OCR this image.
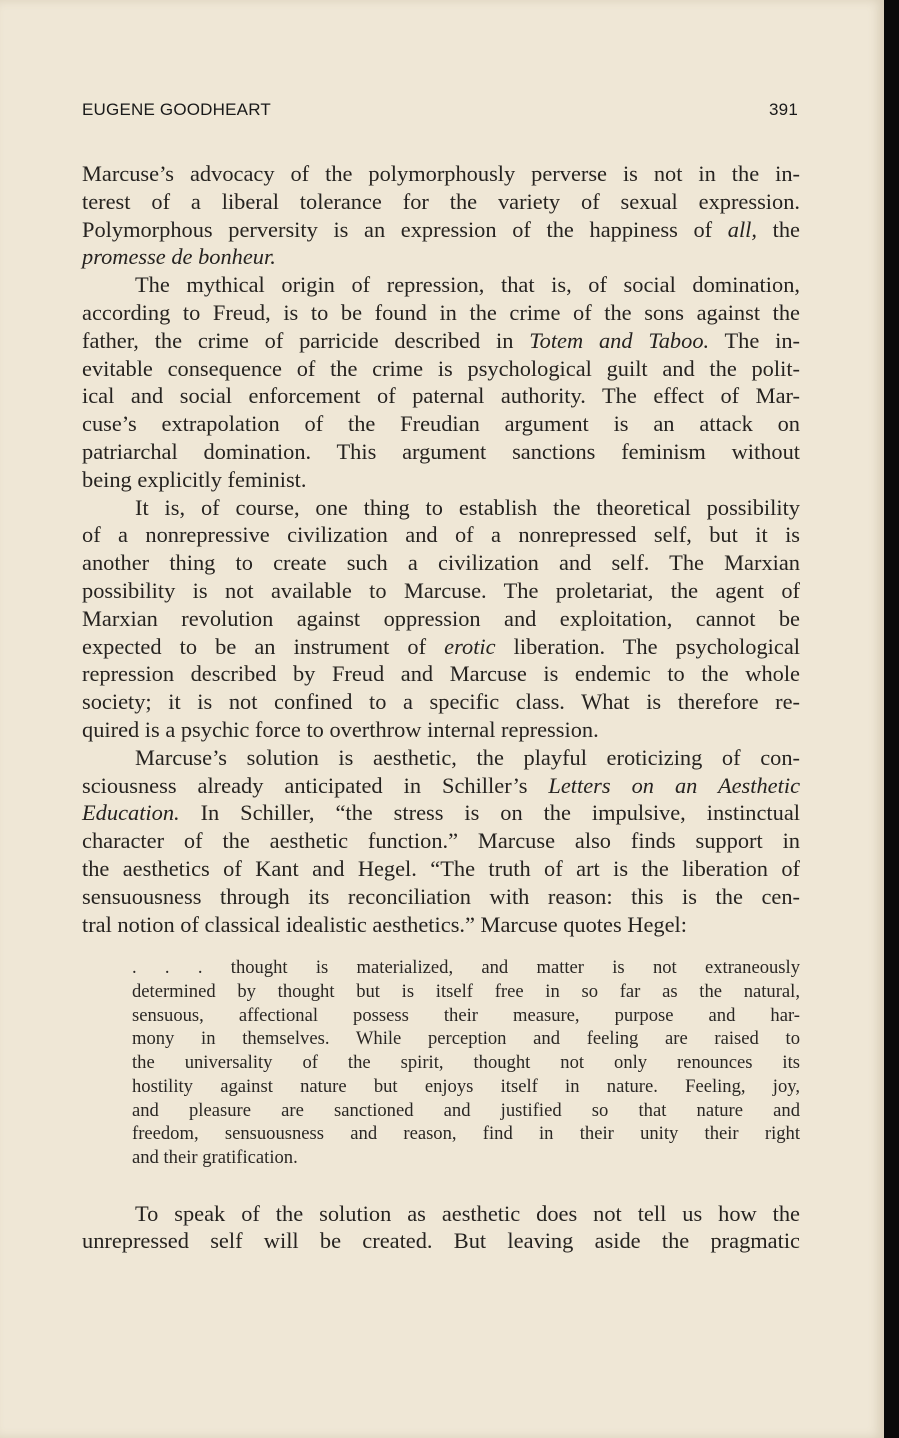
EUGENE GOODHEART	391
Marcuse’s advocacy of the polymorphously perverse is not in the in-
terest of a liberal tolerance for the variety of sexual expression.
Polymorphous perversity is an expression of the happiness of all, the
promesse de bonheur.
The mythical origin of repression, that is, of social domination,
according to Freud, is to be found in the crime of the sons against the
father, the crime of parricide described in Totem and Taboo. The in-
evitable consequence of the crime is psychological guilt and the polit-
ical and social enforcement of paternal authority. The effect of Mar-
cuse’s extrapolation of the Freudian argument is an attack on
patriarchal domination. This argument sanctions feminism without
being explicitly feminist.
It is, of course, one thing to establish the theoretical possibility
of a nonrepressive civilization and of a nonrepressed self, but it is
another thing to create such a civilization and self. The Marxian
possibility is not available to Marcuse. The proletariat, the agent of
Marxian revolution against oppression and exploitation, cannot be
expected to be an instrument of erotic liberation. The psychological
repression described by Freud and Marcuse is endemic to the whole
society; it is not confined to a specific class. What is therefore re-
quired is a psychic force to overthrow internal repression.
Marcuse’s solution is aesthetic, the playful eroticizing of con-
sciousness already anticipated in Schiller’s Letters on an Aesthetic
Education. In Schiller, “the stress is on the impulsive, instinctual
character of the aesthetic function.” Marcuse also finds support in
the aesthetics of Kant and Hegel. “The truth of art is the liberation of
sensuousness through its reconciliation with reason: this is the cen-
tral notion of classical idealistic aesthetics.” Marcuse quotes Hegel:
. . . thought is materialized, and matter is not extraneously
determined by thought but is itself free in so far as the natural,
sensuous, affectional possess their measure, purpose and har-
mony in themselves. While perception and feeling are raised to
the universality of the spirit, thought not only renounces its
hostility against nature but enjoys itself in nature. Feeling, joy,
and pleasure are sanctioned and justified so that nature and
freedom, sensuousness and reason, find in their unity their right
and their gratification.
To speak of the solution as aesthetic does not tell us how the
unrepressed self will be created. But leaving aside the pragmatic
